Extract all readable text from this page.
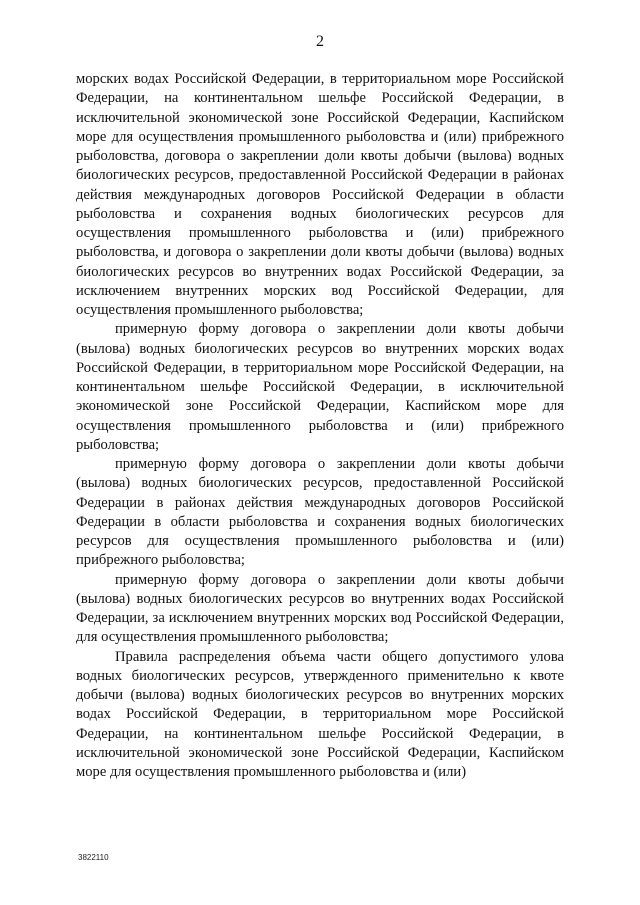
2

морских водах Российской Федерации, в территориальном море Российской Федерации, на континентальном шельфе Российской Федерации, в исключительной экономической зоне Российской Федерации, Каспийском море для осуществления промышленного рыболовства и (или) прибрежного рыболовства, договора о закреплении доли квоты добычи (вылова) водных биологических ресурсов, предоставленной Российской Федерации в районах действия международных договоров Российской Федерации в области рыболовства и сохранения водных биологических ресурсов для осуществления промышленного рыболовства и (или) прибрежного рыболовства, и договора о закреплении доли квоты добычи (вылова) водных биологических ресурсов во внутренних водах Российской Федерации, за исключением внутренних морских вод Российской Федерации, для осуществления промышленного рыболовства;

примерную форму договора о закреплении доли квоты добычи (вылова) водных биологических ресурсов во внутренних морских водах Российской Федерации, в территориальном море Российской Федерации, на континентальном шельфе Российской Федерации, в исключительной экономической зоне Российской Федерации, Каспийском море для осуществления промышленного рыболовства и (или) прибрежного рыболовства;

примерную форму договора о закреплении доли квоты добычи (вылова) водных биологических ресурсов, предоставленной Российской Федерации в районах действия международных договоров Российской Федерации в области рыболовства и сохранения водных биологических ресурсов для осуществления промышленного рыболовства и (или) прибрежного рыболовства;

примерную форму договора о закреплении доли квоты добычи (вылова) водных биологических ресурсов во внутренних водах Российской Федерации, за исключением внутренних морских вод Российской Федерации, для осуществления промышленного рыболовства;

Правила распределения объема части общего допустимого улова водных биологических ресурсов, утвержденного применительно к квоте добычи (вылова) водных биологических ресурсов во внутренних морских водах Российской Федерации, в территориальном море Российской Федерации, на континентальном шельфе Российской Федерации, в исключительной экономической зоне Российской Федерации, Каспийском море для осуществления промышленного рыболовства и (или)

3822110
